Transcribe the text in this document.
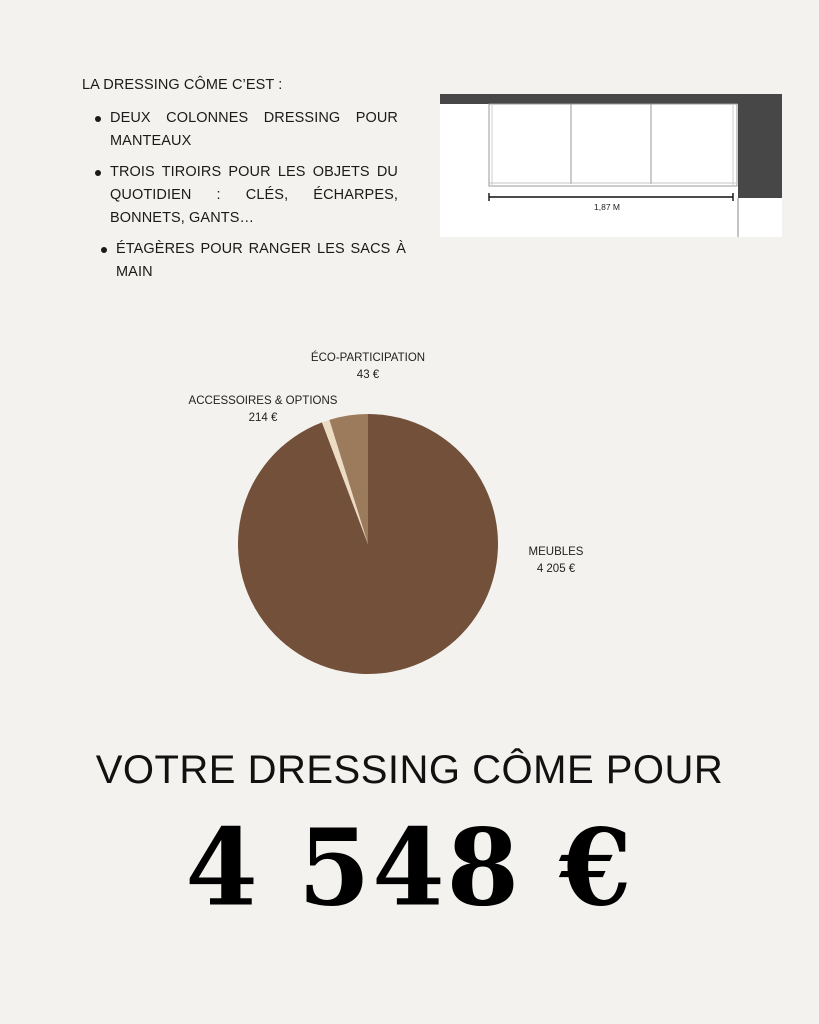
LA DRESSING CÔME C’EST :

DEUX COLONNES DRESSING POUR MANTEAUX
TROIS TIROIRS POUR LES OBJETS DU QUOTIDIEN : CLÉS, ÉCHARPES, BONNETS, GANTS…
ÉTAGÈRES POUR RANGER LES SACS À MAIN
1,87 M
ÉCO-PARTICIPATION
43 €
ACCESSOIRES & OPTIONS
214 €
MEUBLES
4 205 €
VOTRE DRESSING CÔME POUR
4 548 €
